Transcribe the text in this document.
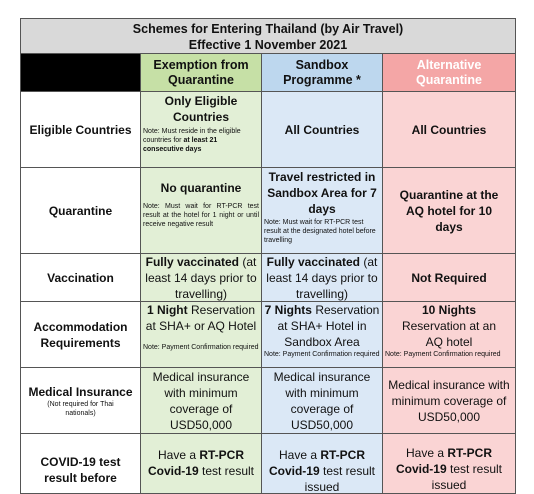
Schemes for Entering Thailand (by Air Travel)
Effective 1 November 2021
Exemption from Quarantine
Sandbox Programme *
Alternative Quarantine
Eligible Countries
Only Eligible Countries
Note: Must reside in the eligible countries for at least 21 consecutive days
All Countries	All Countries
Quarantine
No quarantine
Note: Must wait for RT-PCR test result at the hotel for 1 night or until receive negative result
Travel restricted in Sandbox Area for 7 days
Note: Must wait for RT-PCR test result at the designated hotel before travelling
Quarantine at the AQ hotel for 10 days
Vaccination
Fully vaccinated (at least 14 days prior to travelling)
Fully vaccinated (at least 14 days prior to travelling)
Not Required
Accommodation
Requirements
1 Night Reservation at SHA+ or AQ Hotel
Note: Payment Confirmation required
7 Nights Reservation at SHA+ Hotel in Sandbox Area
Note: Payment Confirmation required
10 Nights Reservation at an AQ hotel
Note: Payment Confirmation required
Medical Insurance
(Not required for Thai nationals)
Medical insurance with minimum coverage of USD50,000
Medical insurance with minimum coverage of USD50,000
Medical insurance with minimum coverage of USD50,000
COVID-19 test
result before
Have a RT-PCR Covid-19 test result
Have a RT-PCR Covid-19 test result issued
Have a RT-PCR Covid-19 test result issued
